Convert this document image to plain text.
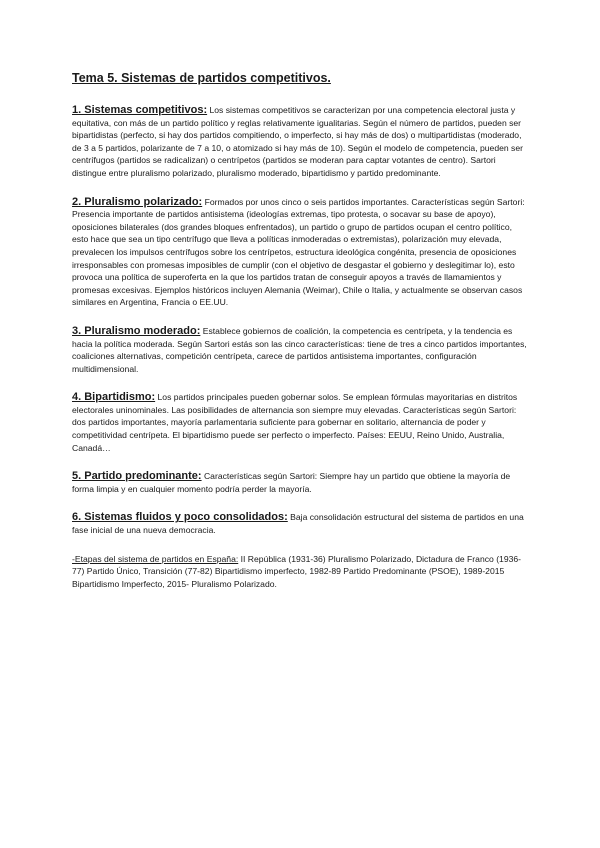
Tema 5. Sistemas de partidos competitivos.
1. Sistemas competitivos: Los sistemas competitivos se caracterizan por una competencia electoral justa y equitativa, con más de un partido político y reglas relativamente igualitarias. Según el número de partidos, pueden ser bipartidistas (perfecto, si hay dos partidos compitiendo, o imperfecto, si hay más de dos) o multipartidistas (moderado, de 3 a 5 partidos, polarizante de 7 a 10, o atomizado si hay más de 10). Según el modelo de competencia, pueden ser centrífugos (partidos se radicalizan) o centrípetos (partidos se moderan para captar votantes de centro). Sartori distingue entre pluralismo polarizado, pluralismo moderado, bipartidismo y partido predominante.
2. Pluralismo polarizado: Formados por unos cinco o seis partidos importantes. Características según Sartori: Presencia importante de partidos antisistema (ideologías extremas, tipo protesta, o socavar su base de apoyo), oposiciones bilaterales (dos grandes bloques enfrentados), un partido o grupo de partidos ocupan el centro político, esto hace que sea un tipo centrífugo que lleva a políticas inmoderadas o extremistas), polarización muy elevada, prevalecen los impulsos centrífugos sobre los centrípetos, estructura ideológica congénita, presencia de oposiciones irresponsables con promesas imposibles de cumplir (con el objetivo de desgastar el gobierno y deslegitimar lo), esto provoca una política de superoferta en la que los partidos tratan de conseguir apoyos a través de llamamientos y promesas excesivas. Ejemplos históricos incluyen Alemania (Weimar), Chile o Italia, y actualmente se observan casos similares en Argentina, Francia o EE.UU.
3. Pluralismo moderado: Establece gobiernos de coalición, la competencia es centrípeta, y la tendencia es hacia la política moderada. Según Sartori estás son las cinco características: tiene de tres a cinco partidos importantes, coaliciones alternativas, competición centrípeta, carece de partidos antisistema importantes, configuración multidimensional.
4. Bipartidismo: Los partidos principales pueden gobernar solos. Se emplean fórmulas mayoritarias en distritos electorales uninominales. Las posibilidades de alternancia son siempre muy elevadas. Características según Sartori: dos partidos importantes, mayoría parlamentaria suficiente para gobernar en solitario, alternancia de poder y competitividad centrípeta. El bipartidismo puede ser perfecto o imperfecto. Países: EEUU, Reino Unido, Australia, Canadá…
5. Partido predominante: Características según Sartori: Siempre hay un partido que obtiene la mayoría de forma limpia y en cualquier momento podría perder la mayoría.
6. Sistemas fluidos y poco consolidados: Baja consolidación estructural del sistema de partidos en una fase inicial de una nueva democracia.
-Etapas del sistema de partidos en España: II República (1931-36) Pluralismo Polarizado, Dictadura de Franco (1936-77) Partido Único, Transición (77-82) Bipartidismo imperfecto, 1982-89 Partido Predominante (PSOE), 1989-2015 Bipartidismo Imperfecto, 2015- Pluralismo Polarizado.
